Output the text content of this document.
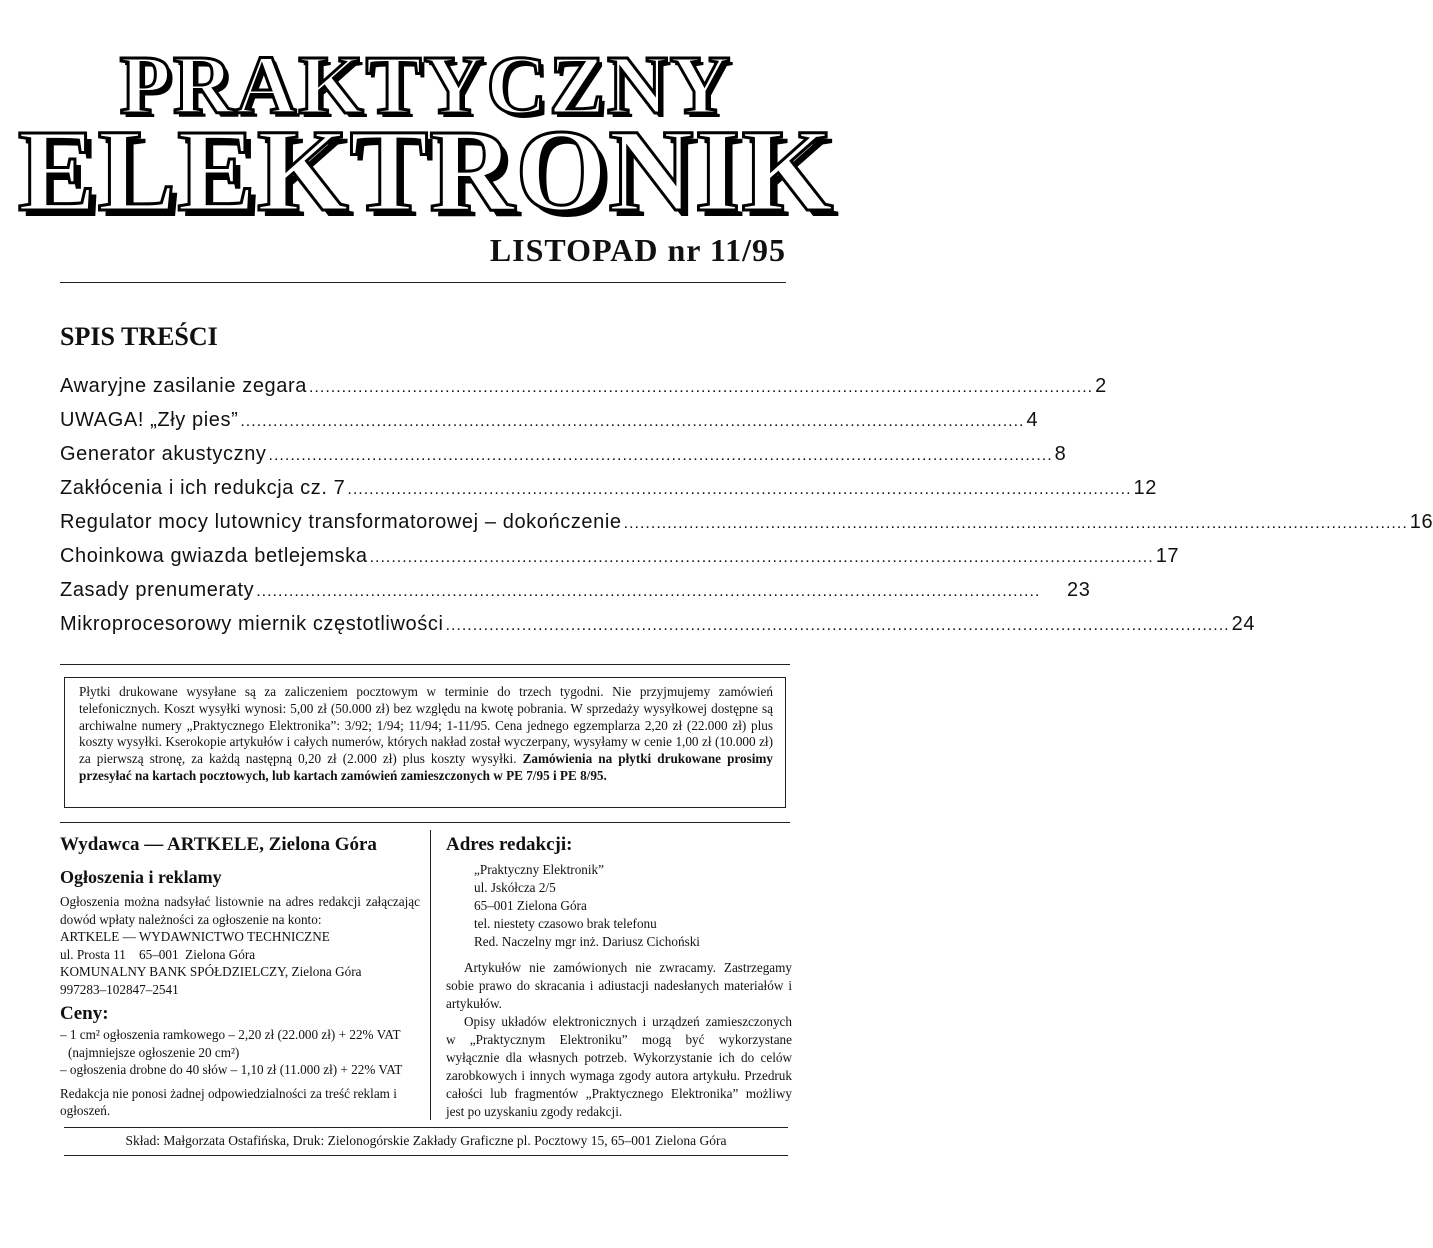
PRAKTYCZNY
ELEKTRONIK
LISTOPAD nr 11/95
SPIS TREŚCI
Awaryjne zasilanie zegara ................................................................................................................................................ 2
UWAGA! „Zły pies” ................................................................................................................................................ 4
Generator akustyczny ................................................................................................................................................ 8
Zakłócenia i ich redukcja cz. 7 ................................................................................................................................................ 12
Regulator mocy lutownicy transformatorowej – dokończenie ................................................................................................................................................ 16
Choinkowa gwiazda betlejemska ................................................................................................................................................ 17
Zasady prenumeraty ................................................................................................................................................ 23
Mikroprocesorowy miernik częstotliwości ................................................................................................................................................ 24
Płytki drukowane wysyłane są za zaliczeniem pocztowym w terminie do trzech tygodni. Nie przyjmujemy zamówień telefonicznych. Koszt wysyłki wynosi: 5,00 zł (50.000 zł) bez względu na kwotę pobrania. W sprzedaży wysyłkowej dostępne są archiwalne numery „Praktycznego Elektronika”: 3/92; 1/94; 11/94; 1-11/95. Cena jednego egzemplarza 2,20 zł (22.000 zł) plus koszty wysyłki. Kserokopie artykułów i całych numerów, których nakład został wyczerpany, wysyłamy w cenie 1,00 zł (10.000 zł) za pierwszą stronę, za każdą następną 0,20 zł (2.000 zł) plus koszty wysyłki. Zamówienia na płytki drukowane prosimy przesyłać na kartach pocztowych, lub kartach zamówień zamieszczonych w PE 7/95 i PE 8/95.

Wydawca — ARTKELE, Zielona Góra

Ogłoszenia i reklamy

Ogłoszenia można nadsyłać listownie na adres redakcji załączając dowód wpłaty należności za ogłoszenie na konto:

ARTKELE — WYDAWNICTWO TECHNICZNE

ul. Prosta 11    65–001  Zielona Góra

KOMUNALNY BANK SPÓŁDZIELCZY, Zielona Góra

997283–102847–2541

Ceny:

– 1 cm² ogłoszenia ramkowego – 2,20 zł (22.000 zł) + 22% VAT

(najmniejsze ogłoszenie 20 cm²)

– ogłoszenia drobne do 40 słów – 1,10 zł (11.000 zł) + 22% VAT

Redakcja nie ponosi żadnej odpowiedzialności za treść reklam i ogłoszeń.

Adres redakcji:

„Praktyczny Elektronik”
ul. Jskółcza 2/5
65–001 Zielona Góra
tel. niestety czasowo brak telefonu
Red. Naczelny mgr inż. Dariusz Cichoński

Artykułów nie zamówionych nie zwracamy. Zastrzegamy sobie prawo do skracania i adiustacji nadesłanych materiałów i artykułów.

Opisy układów elektronicznych i urządzeń zamieszczonych w „Praktycznym Elektroniku” mogą być wykorzystane wyłącznie dla własnych potrzeb. Wykorzystanie ich do celów zarobkowych i innych wymaga zgody autora artykułu. Przedruk całości lub fragmentów „Praktycznego Elektronika” możliwy jest po uzyskaniu zgody redakcji.

Skład: Małgorzata Ostafińska, Druk: Zielonogórskie Zakłady Graficzne pl. Pocztowy 15, 65–001 Zielona Góra
